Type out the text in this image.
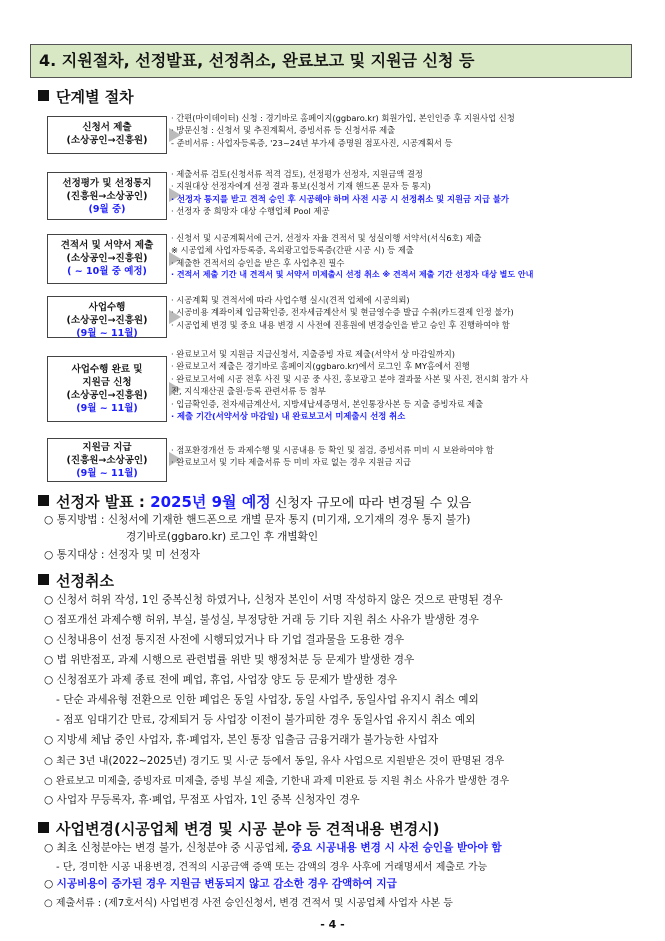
4. 지원절차, 선정발표, 선정취소, 완료보고 및 지원금 신청 등
단계별 절차
신청서 제출
(소상공인→진흥원)
· 간편(마이데이터) 신청 : 경기바로 홈페이지(ggbaro.kr) 회원가입, 본인인증 후 지원사업 신청
· 방문신청 : 신청서 및 추진계획서, 증빙서류 등 신청서류 제출
- 준비서류 : 사업자등록증, '23~24년 부가세 증명원 점포사진, 시공계획서 등
선정평가 및 선정통지
(진흥원→소상공인)
(9월 중)
· 제출서류 검토(신청서류 적격 검토), 선정평가 선정자, 지원금액 결정
· 지원대상 선정자에게 선정 결과 통보(신청서 기재 핸드폰 문자 등 통지)
· 선정자 통지를 받고 견적 승인 후 시공해야 하며 사전 시공 시 선정취소 및 지원금 지급 불가
· 선정자 중 희망자 대상 수행업체 Pool 제공
견적서 및 서약서 제출
(소상공인→진흥원)
( ~ 10월 중 예정)
· 신청서 및 시공계획서에 근거, 선정자 자율 견적서 및 성실이행 서약서(서식6호) 제출
※ 시공업체 사업자등록증, 옥외광고업등록증(간판 시공 시) 등 제출
· 제출한 견적서의 승인을 받은 후 사업추진 필수
· 견적서 제출 기간 내 견적서 및 서약서 미제출시 선정 취소 ※ 견적서 제출 기간 선정자 대상 별도 안내
사업수행
(소상공인→진흥원)
(9월 ~ 11월)
· 시공계획 및 견적서에 따라 사업수행 실시(견적 업체에 시공의뢰)
· 시공비용 계좌이체 입금확인증, 전자세금계산서 및 현금영수증 발급 수취(카드결제 인정 불가)
· 시공업체 변경 및 중요 내용 변경 시 사전에 진흥원에 변경승인을 받고 승인 후 진행하여야 함
사업수행 완료 및
지원금 신청
(소상공인→진흥원)
(9월 ~ 11월)
· 완료보고서 및 지원금 지급신청서, 지출증빙 자료 제출(서약서 상 마감일까지)
· 완료보고서 제출은 경기바로 홈페이지(ggbaro.kr)에서 로그인 후 MY홈에서 진행
· 완료보고서에 시공 전후 사진 및 시공 중 사진, 홍보광고 분야 결과물 사본 및 사진, 전시회 참가 사
진, 지식재산권 출원·등록 관련서류 등 첨부
· 입금확인증, 전자세금계산서, 지방세납세증명서, 본인통장사본 등 지출 증빙자료 제출
· 제출 기간(서약서상 마감일) 내 완료보고서 미제출시 선정 취소
지원금 지급
(진흥원→소상공인)
(9월 ~ 11월)
· 점포환경개선 등 과제수행 및 시공내용 등 확인 및 점검, 증빙서류 미비 시 보완하여야 함
· 완료보고서 및 기타 제출서류 등 미비 자료 없는 경우 지원금 지급
선정자 발표 : 2025년 9월 예정 신청자 규모에 따라 변경될 수 있음
○ 통지방법 : 신청서에 기재한 핸드폰으로 개별 문자 통지 (미기재, 오기재의 경우 통지 불가)
경기바로(ggbaro.kr) 로그인 후 개별확인
○ 통지대상 : 선정자 및 미 선정자
선정취소
○ 신청서 허위 작성, 1인 중복신청 하였거나, 신청자 본인이 서명 작성하지 않은 것으로 판명된 경우
○ 점포개선 과제수행 허위, 부실, 불성실, 부정당한 거래 등 기타 지원 취소 사유가 발생한 경우
○ 신청내용이 선정 통지전 사전에 시행되었거나 타 기업 결과물을 도용한 경우
○ 법 위반점포, 과제 시행으로 관련법률 위반 및 행정처분 등 문제가 발생한 경우
○ 신청점포가 과제 종료 전에 폐업, 휴업, 사업장 양도 등 문제가 발생한 경우
- 단순 과세유형 전환으로 인한 폐업은 동일 사업장, 동일 사업주, 동일사업 유지시 취소 예외
- 점포 임대기간 만료, 강제퇴거 등 사업장 이전이 불가피한 경우 동일사업 유지시 취소 예외
○ 지방세 체납 중인 사업자, 휴·폐업자, 본인 통장 입출금 금융거래가 불가능한 사업자
○ 최근 3년 내(2022~2025년) 경기도 및 시·군 등에서 동일, 유사 사업으로 지원받은 것이 판명된 경우
○ 완료보고 미제출, 증빙자료 미제출, 증빙 부실 제출, 기한내 과제 미완료 등 지원 취소 사유가 발생한 경우
○ 사업자 무등록자, 휴·폐업, 무점포 사업자, 1인 중복 신청자인 경우
사업변경(시공업체 변경 및 시공 분야 등 견적내용 변경시)
○ 최초 신청분야는 변경 불가, 신청분야 중 시공업체, 중요 시공내용 변경 시 사전 승인을 받아야 함
- 단, 경미한 시공 내용변경, 견적의 시공금액 증액 또는 감액의 경우 사후에 거래명세서 제출로 가능
○ 시공비용이 증가된 경우 지원금 변동되지 않고 감소한 경우 감액하여 지급
○ 제출서류 : (제7호서식) 사업변경 사전 승인신청서, 변경 견적서 및 시공업체 사업자 사본 등
- 4 -
